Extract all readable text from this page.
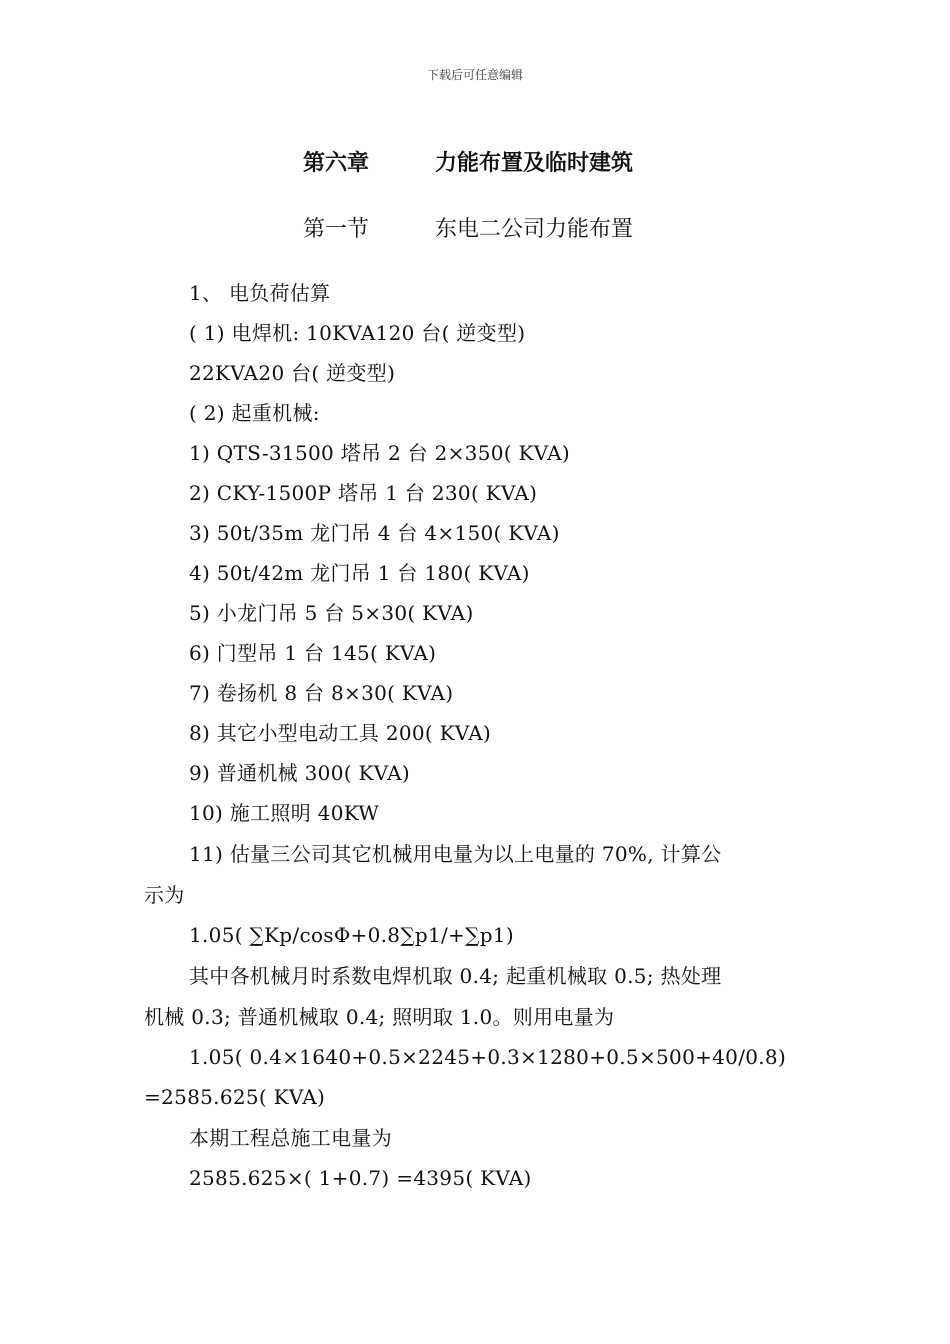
下载后可任意编辑
第六章	力能布置及临时建筑
第一节	东电二公司力能布置
1、 电负荷估算
( 1) 电焊机: 10KVA120 台( 逆变型)
22KVA20 台( 逆变型)
( 2) 起重机械:
1) QTS-31500 塔吊 2 台 2×350( KVA)
2) CKY-1500P 塔吊 1 台 230( KVA)
3) 50t/35m 龙门吊 4 台 4×150( KVA)
4) 50t/42m 龙门吊 1 台 180( KVA)
5) 小龙门吊 5 台 5×30( KVA)
6) 门型吊 1 台 145( KVA)
7) 卷扬机 8 台 8×30( KVA)
8) 其它小型电动工具 200( KVA)
9) 普通机械 300( KVA)
10) 施工照明 40KW
11) 估量三公司其它机械用电量为以上电量的 70%, 计算公
示为
1.05( ∑Kp/cosΦ+0.8∑p1/+∑p1)
其中各机械月时系数电焊机取 0.4; 起重机械取 0.5; 热处理
机械 0.3; 普通机械取 0.4; 照明取 1.0。则用电量为
1.05( 0.4×1640+0.5×2245+0.3×1280+0.5×500+40/0.8)
=2585.625( KVA)
本期工程总施工电量为
2585.625×( 1+0.7) =4395( KVA)
